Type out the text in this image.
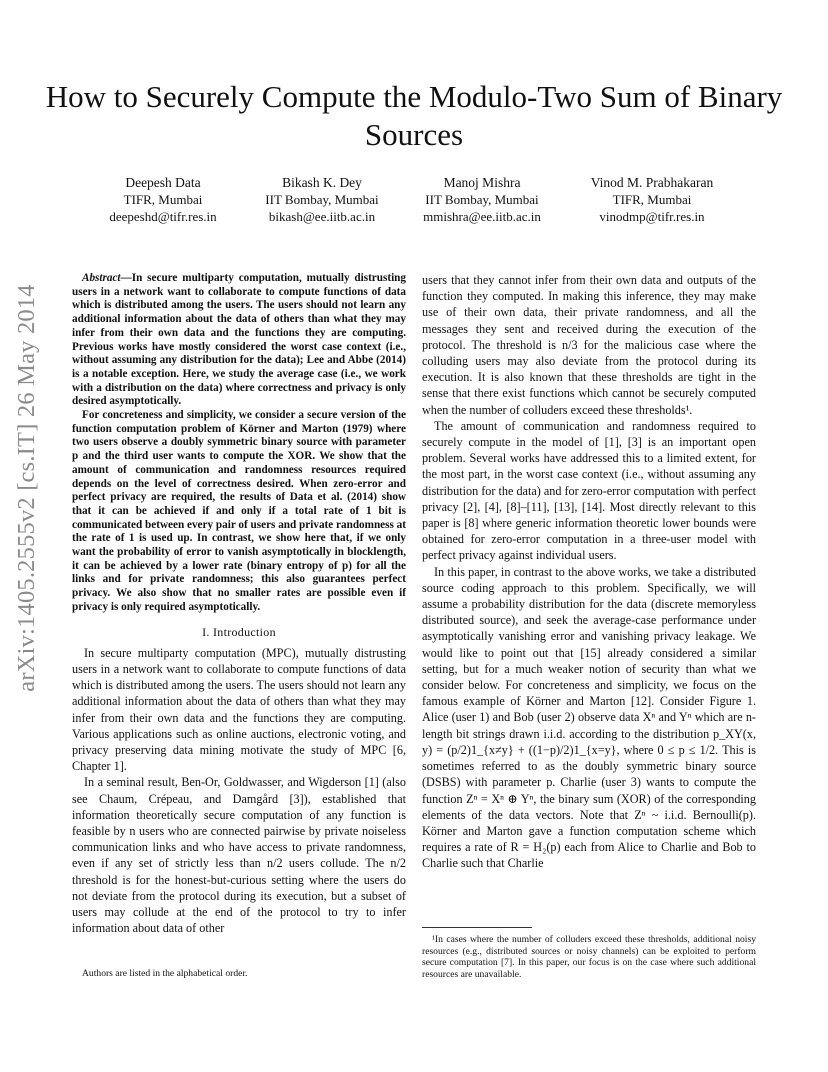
arXiv:1405.2555v2 [cs.IT] 26 May 2014
How to Securely Compute the Modulo-Two Sum of Binary Sources
Deepesh Data
TIFR, Mumbai
deepeshd@tifr.res.in
Bikash K. Dey
IIT Bombay, Mumbai
bikash@ee.iitb.ac.in
Manoj Mishra
IIT Bombay, Mumbai
mmishra@ee.iitb.ac.in
Vinod M. Prabhakaran
TIFR, Mumbai
vinodmp@tifr.res.in

Abstract—In secure multiparty computation, mutually distrusting users in a network want to collaborate to compute functions of data which is distributed among the users. The users should not learn any additional information about the data of others than what they may infer from their own data and the functions they are computing. Previous works have mostly considered the worst case context (i.e., without assuming any distribution for the data); Lee and Abbe (2014) is a notable exception. Here, we study the average case (i.e., we work with a distribution on the data) where correctness and privacy is only desired asymptotically.

For concreteness and simplicity, we consider a secure version of the function computation problem of Körner and Marton (1979) where two users observe a doubly symmetric binary source with parameter p and the third user wants to compute the XOR. We show that the amount of communication and randomness resources required depends on the level of correctness desired. When zero-error and perfect privacy are required, the results of Data et al. (2014) show that it can be achieved if and only if a total rate of 1 bit is communicated between every pair of users and private randomness at the rate of 1 is used up. In contrast, we show here that, if we only want the probability of error to vanish asymptotically in blocklength, it can be achieved by a lower rate (binary entropy of p) for all the links and for private randomness; this also guarantees perfect privacy. We also show that no smaller rates are possible even if privacy is only required asymptotically.

I. Introduction

In secure multiparty computation (MPC), mutually distrusting users in a network want to collaborate to compute functions of data which is distributed among the users. The users should not learn any additional information about the data of others than what they may infer from their own data and the functions they are computing. Various applications such as online auctions, electronic voting, and privacy preserving data mining motivate the study of MPC [6, Chapter 1].

In a seminal result, Ben-Or, Goldwasser, and Wigderson [1] (also see Chaum, Crépeau, and Damgård [3]), established that information theoretically secure computation of any function is feasible by n users who are connected pairwise by private noiseless communication links and who have access to private randomness, even if any set of strictly less than n/2 users collude. The n/2 threshold is for the honest-but-curious setting where the users do not deviate from the protocol during its execution, but a subset of users may collude at the end of the protocol to try to infer information about data of other

users that they cannot infer from their own data and outputs of the function they computed. In making this inference, they may make use of their own data, their private randomness, and all the messages they sent and received during the execution of the protocol. The threshold is n/3 for the malicious case where the colluding users may also deviate from the protocol during its execution. It is also known that these thresholds are tight in the sense that there exist functions which cannot be securely computed when the number of colluders exceed these thresholds¹.

The amount of communication and randomness required to securely compute in the model of [1], [3] is an important open problem. Several works have addressed this to a limited extent, for the most part, in the worst case context (i.e., without assuming any distribution for the data) and for zero-error computation with perfect privacy [2], [4], [8]–[11], [13], [14]. Most directly relevant to this paper is [8] where generic information theoretic lower bounds were obtained for zero-error computation in a three-user model with perfect privacy against individual users.

In this paper, in contrast to the above works, we take a distributed source coding approach to this problem. Specifically, we will assume a probability distribution for the data (discrete memoryless distributed source), and seek the average-case performance under asymptotically vanishing error and vanishing privacy leakage. We would like to point out that [15] already considered a similar setting, but for a much weaker notion of security than what we consider below. For concreteness and simplicity, we focus on the famous example of Körner and Marton [12]. Consider Figure 1. Alice (user 1) and Bob (user 2) observe data Xⁿ and Yⁿ which are n-length bit strings drawn i.i.d. according to the distribution p_XY(x, y) = (p/2)1_{x≠y} + ((1−p)/2)1_{x=y}, where 0 ≤ p ≤ 1/2. This is sometimes referred to as the doubly symmetric binary source (DSBS) with parameter p. Charlie (user 3) wants to compute the function Zⁿ = Xⁿ ⊕ Yⁿ, the binary sum (XOR) of the corresponding elements of the data vectors. Note that Zⁿ ~ i.i.d. Bernoulli(p). Körner and Marton gave a function computation scheme which requires a rate of R = H₂(p) each from Alice to Charlie and Bob to Charlie such that Charlie

Authors are listed in the alphabetical order.
¹In cases where the number of colluders exceed these thresholds, additional noisy resources (e.g., distributed sources or noisy channels) can be exploited to perform secure computation [7]. In this paper, our focus is on the case where such additional resources are unavailable.
